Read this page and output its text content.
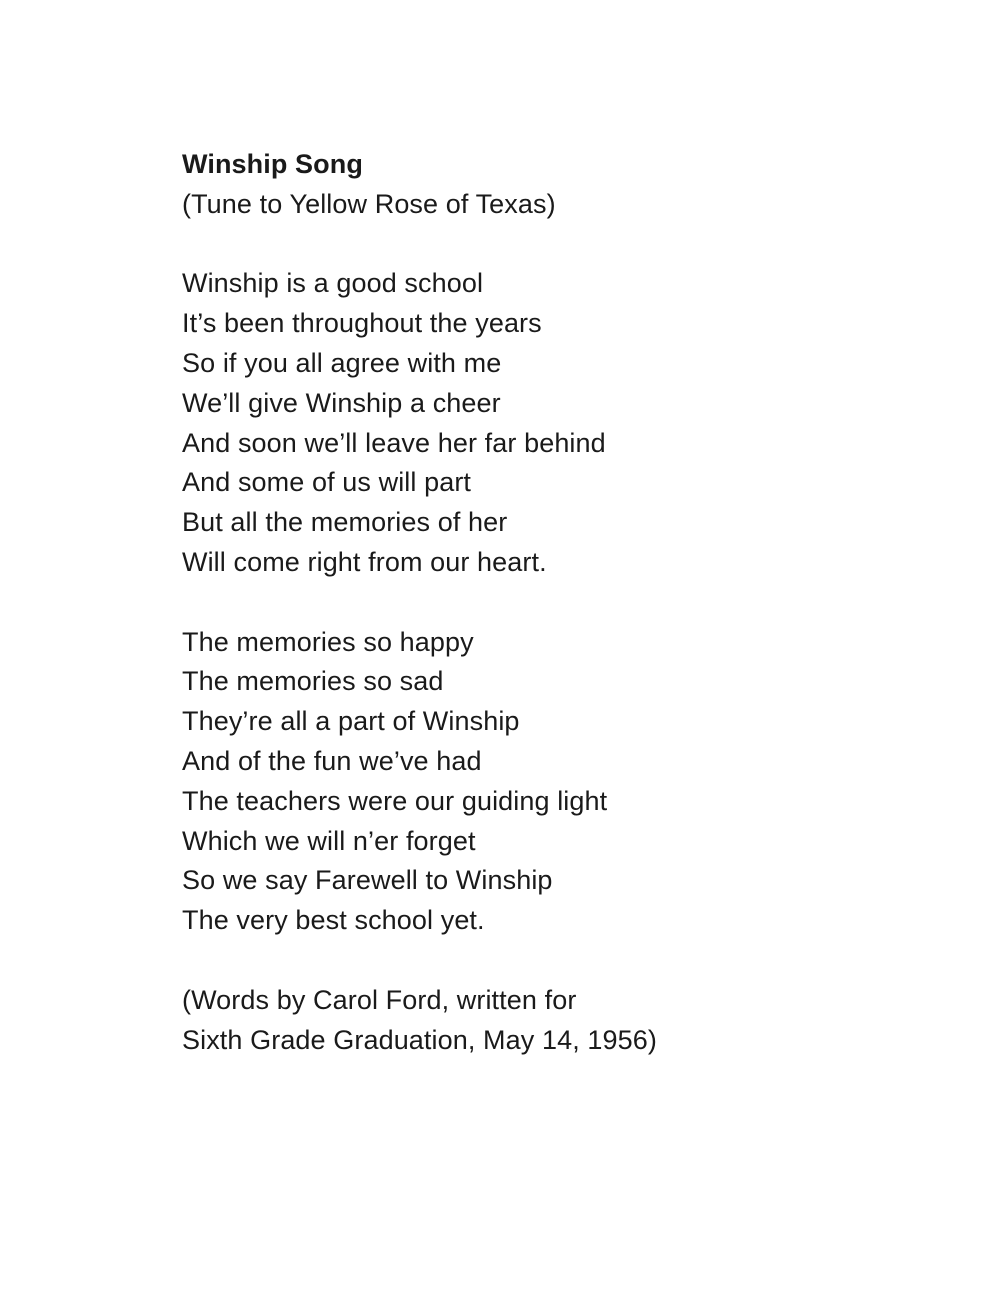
Winship Song
(Tune to Yellow Rose of Texas)
Winship is a good school
It’s been throughout the years
So if you all agree with me
We’ll give Winship a cheer
And soon we’ll leave her far behind
And some of us will part
But all the memories of her
Will come right from our heart.
The memories so happy
The memories so sad
They’re all a part of Winship
And of the fun we’ve had
The teachers were our guiding light
Which we will n’er forget
So we say Farewell to Winship
The very best school yet.
(Words by Carol Ford, written for
Sixth Grade Graduation, May 14, 1956)
